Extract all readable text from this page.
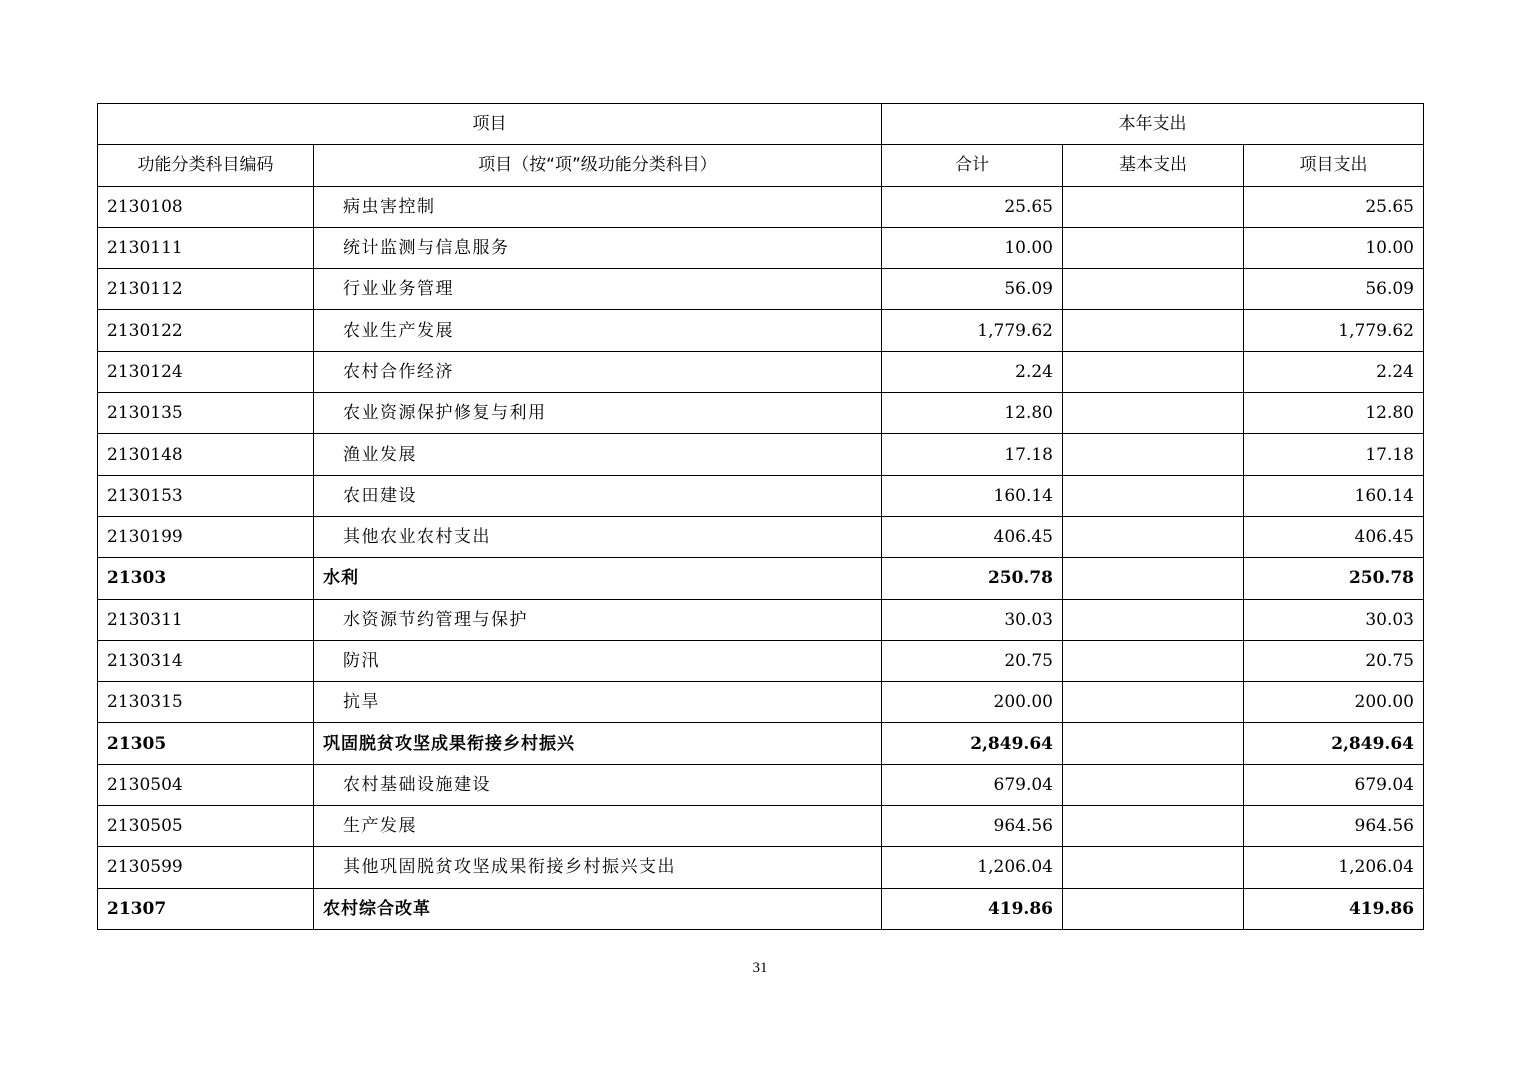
项目		本年支出		
功能分类科目编码	项目（按“项”级功能分类科目）	合计	基本支出	项目支出
2130108	病虫害控制	25.65		25.65
2130111	统计监测与信息服务	10.00		10.00
2130112	行业业务管理	56.09		56.09
2130122	农业生产发展	1,779.62		1,779.62
2130124	农村合作经济	2.24		2.24
2130135	农业资源保护修复与利用	12.80		12.80
2130148	渔业发展	17.18		17.18
2130153	农田建设	160.14		160.14
2130199	其他农业农村支出	406.45		406.45
21303	水利	250.78		250.78
2130311	水资源节约管理与保护	30.03		30.03
2130314	防汛	20.75		20.75
2130315	抗旱	200.00		200.00
21305	巩固脱贫攻坚成果衔接乡村振兴	2,849.64		2,849.64
2130504	农村基础设施建设	679.04		679.04
2130505	生产发展	964.56		964.56
2130599	其他巩固脱贫攻坚成果衔接乡村振兴支出	1,206.04		1,206.04
21307	农村综合改革	419.86		419.86
31
